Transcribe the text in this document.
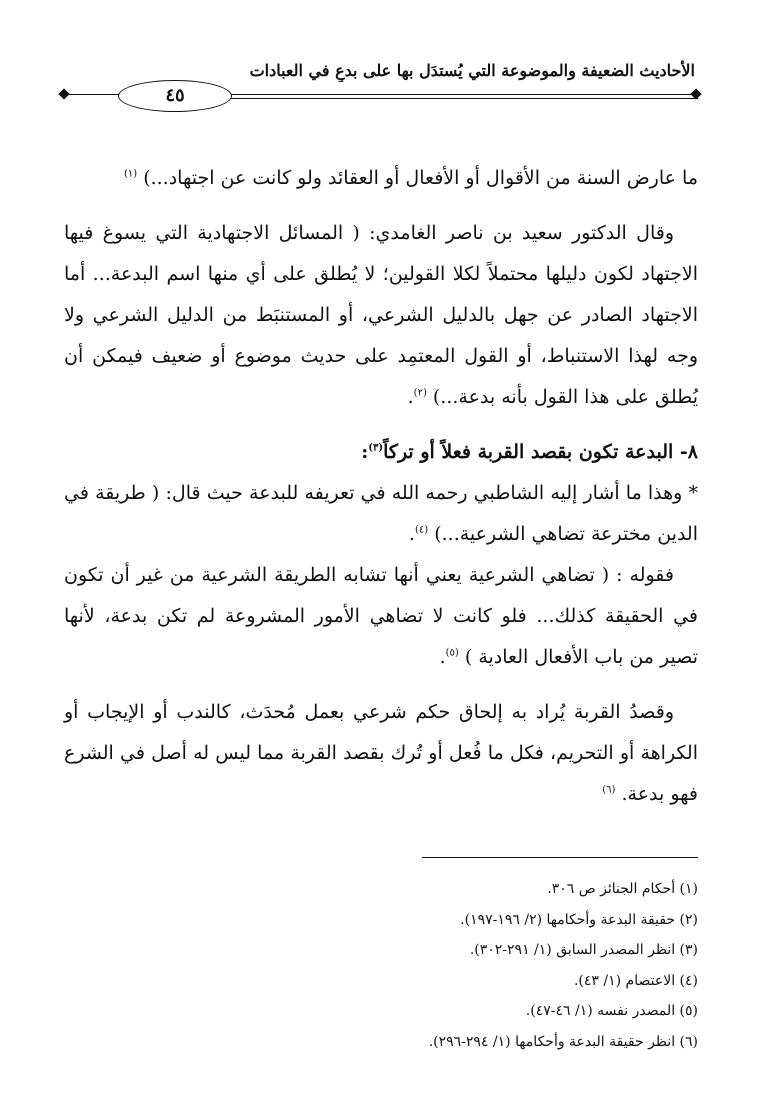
الأحاديث الضعيفة والموضوعة التي يُستدَل بها على بدعٍ في العبادات
٤٥

ما عارض السنة من الأقوال أو الأفعال أو العقائد ولو كانت عن اجتهاد...) $^{(١)}$

وقال الدكتور سعيد بن ناصر الغامدي: ( المسائل الاجتهادية التي يسوغ فيها الاجتهاد لكون دليلها محتملاً لكلا القولين؛ لا يُطلق على أي منها اسم البدعة... أما الاجتهاد الصادر عن جهل بالدليل الشرعي، أو المستنبَط من الدليل الشرعي ولا وجه لهذا الاستنباط، أو القول المعتمِد على حديث موضوع أو ضعيف فيمكن أن يُطلق على هذا القول بأنه بدعة...) $^{(٢)}$.

٨- البدعة تكون بقصد القربة فعلاً أو تركاً$^{(٣)}$:

* وهذا ما أشار إليه الشاطبي رحمه الله في تعريفه للبدعة حيث قال: ( طريقة في الدين مخترعة تضاهي الشرعية...) $^{(٤)}$.

فقوله : ( تضاهي الشرعية يعني أنها تشابه الطريقة الشرعية من غير أن تكون في الحقيقة كذلك... فلو كانت لا تضاهي الأمور المشروعة لم تكن بدعة، لأنها تصير من باب الأفعال العادية ) $^{(٥)}$.

وقصدُ القربة يُراد به إلحاق حكم شرعي بعمل مُحدَث، كالندب أو الإيجاب أو الكراهة أو التحريم، فكل ما فُعل أو تُرك بقصد القربة مما ليس له أصل في الشرع فهو بدعة. $^{(٦)}$

(١) أحكام الجنائز ص ٣٠٦.
(٢) حقيقة البدعة وأحكامها (٢/ ١٩٦-١٩٧).
(٣) انظر المصدر السابق (١/ ٢٩١-٣٠٢).
(٤) الاعتصام (١/ ٤٣).
(٥) المصدر نفسه (١/ ٤٦-٤٧).
(٦) انظر حقيقة البدعة وأحكامها (١/ ٢٩٤-٢٩٦).
